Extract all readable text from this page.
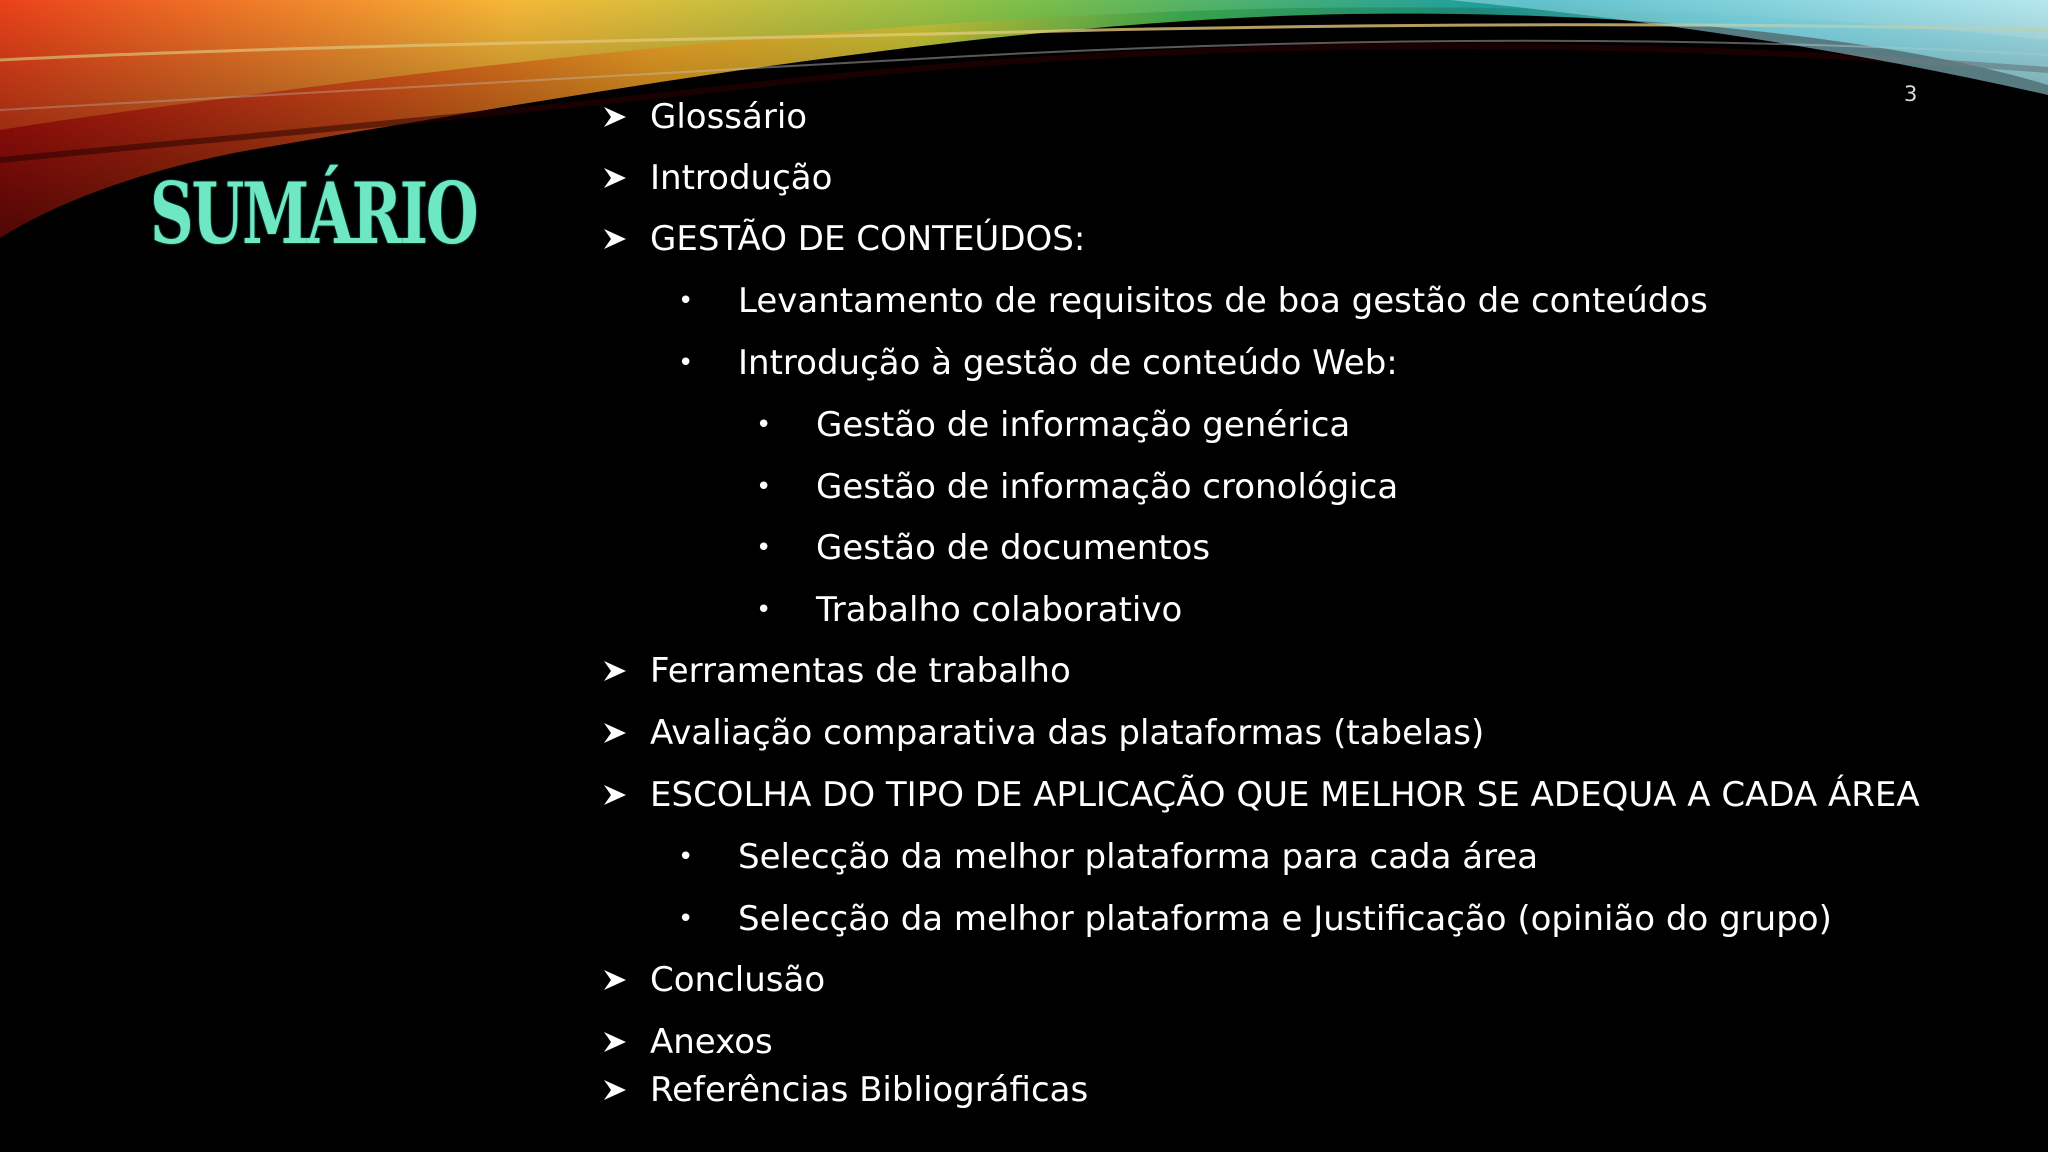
SUMÁRIO
3
Glossário
Introdução
GESTÃO DE CONTEÚDOS:
•	Levantamento de requisitos de boa gestão de conteúdos
•	Introdução à gestão de conteúdo Web:
•	Gestão de informação genérica
•	Gestão de informação cronológica
•	Gestão de documentos
•	Trabalho colaborativo
Ferramentas de trabalho
Avaliação comparativa das plataformas (tabelas)
ESCOLHA DO TIPO DE APLICAÇÃO QUE MELHOR SE ADEQUA A CADA ÁREA
•	Selecção da melhor plataforma para cada área
•	Selecção da melhor plataforma e Justificação (opinião do grupo)
Conclusão
Anexos
Referências Bibliográficas
